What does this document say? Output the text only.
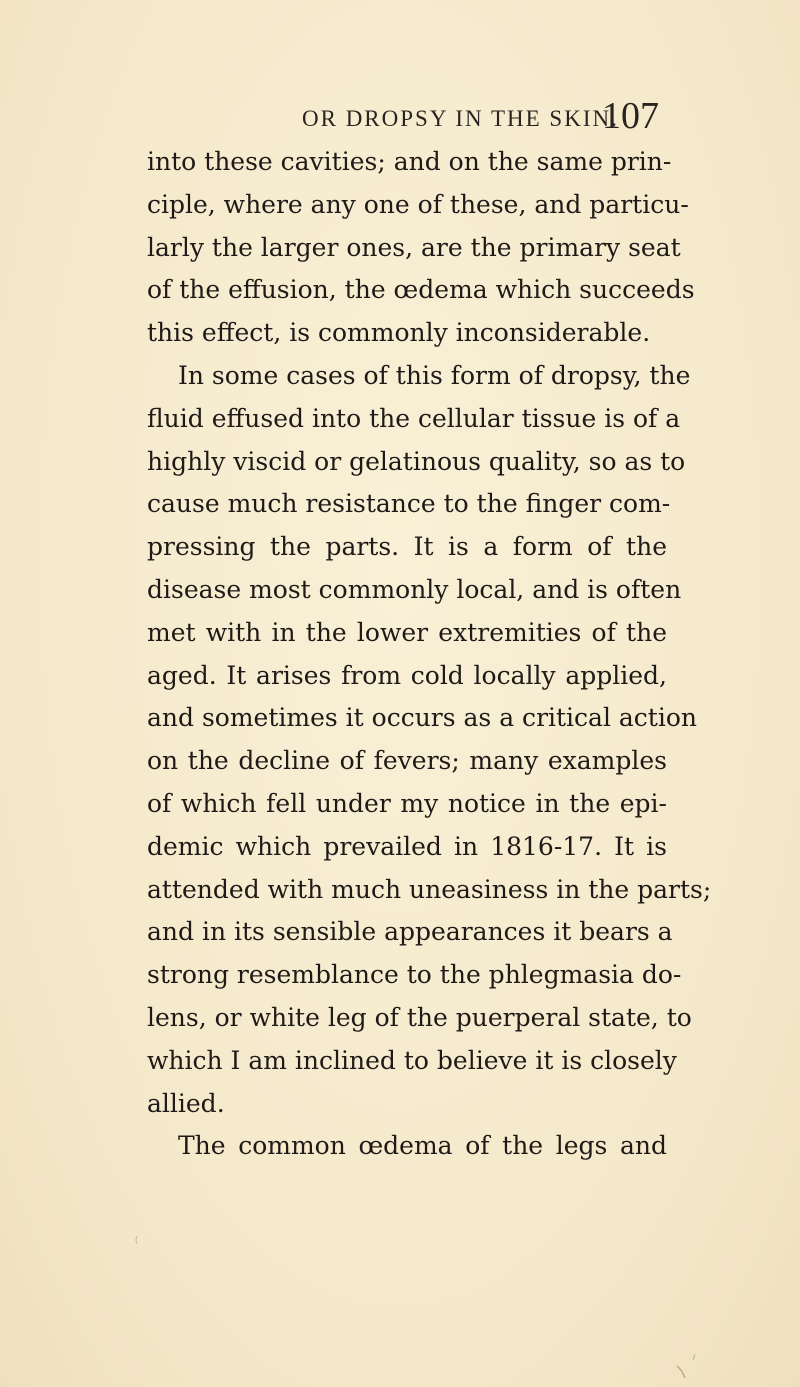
OR DROPSY IN THE SKIN.
107
into these cavities; and on the same prin-
ciple, where any one of these, and particu-
larly the larger ones, are the primary seat
of the effusion, the œdema which succeeds
this effect, is commonly inconsiderable.
In some cases of this form of dropsy, the
fluid effused into the cellular tissue is of a
highly viscid or gelatinous quality, so as to
cause much resistance to the finger com-
pressing the parts. It is a form of the
disease most commonly local, and is often
met with in the lower extremities of the
aged. It arises from cold locally applied,
and sometimes it occurs as a critical action
on the decline of fevers; many examples
of which fell under my notice in the epi-
demic which prevailed in 1816-17. It is
attended with much uneasiness in the parts;
and in its sensible appearances it bears a
strong resemblance to the phlegmasia do-
lens, or white leg of the puerperal state, to
which I am inclined to believe it is closely
allied.
The common œdema of the legs and
